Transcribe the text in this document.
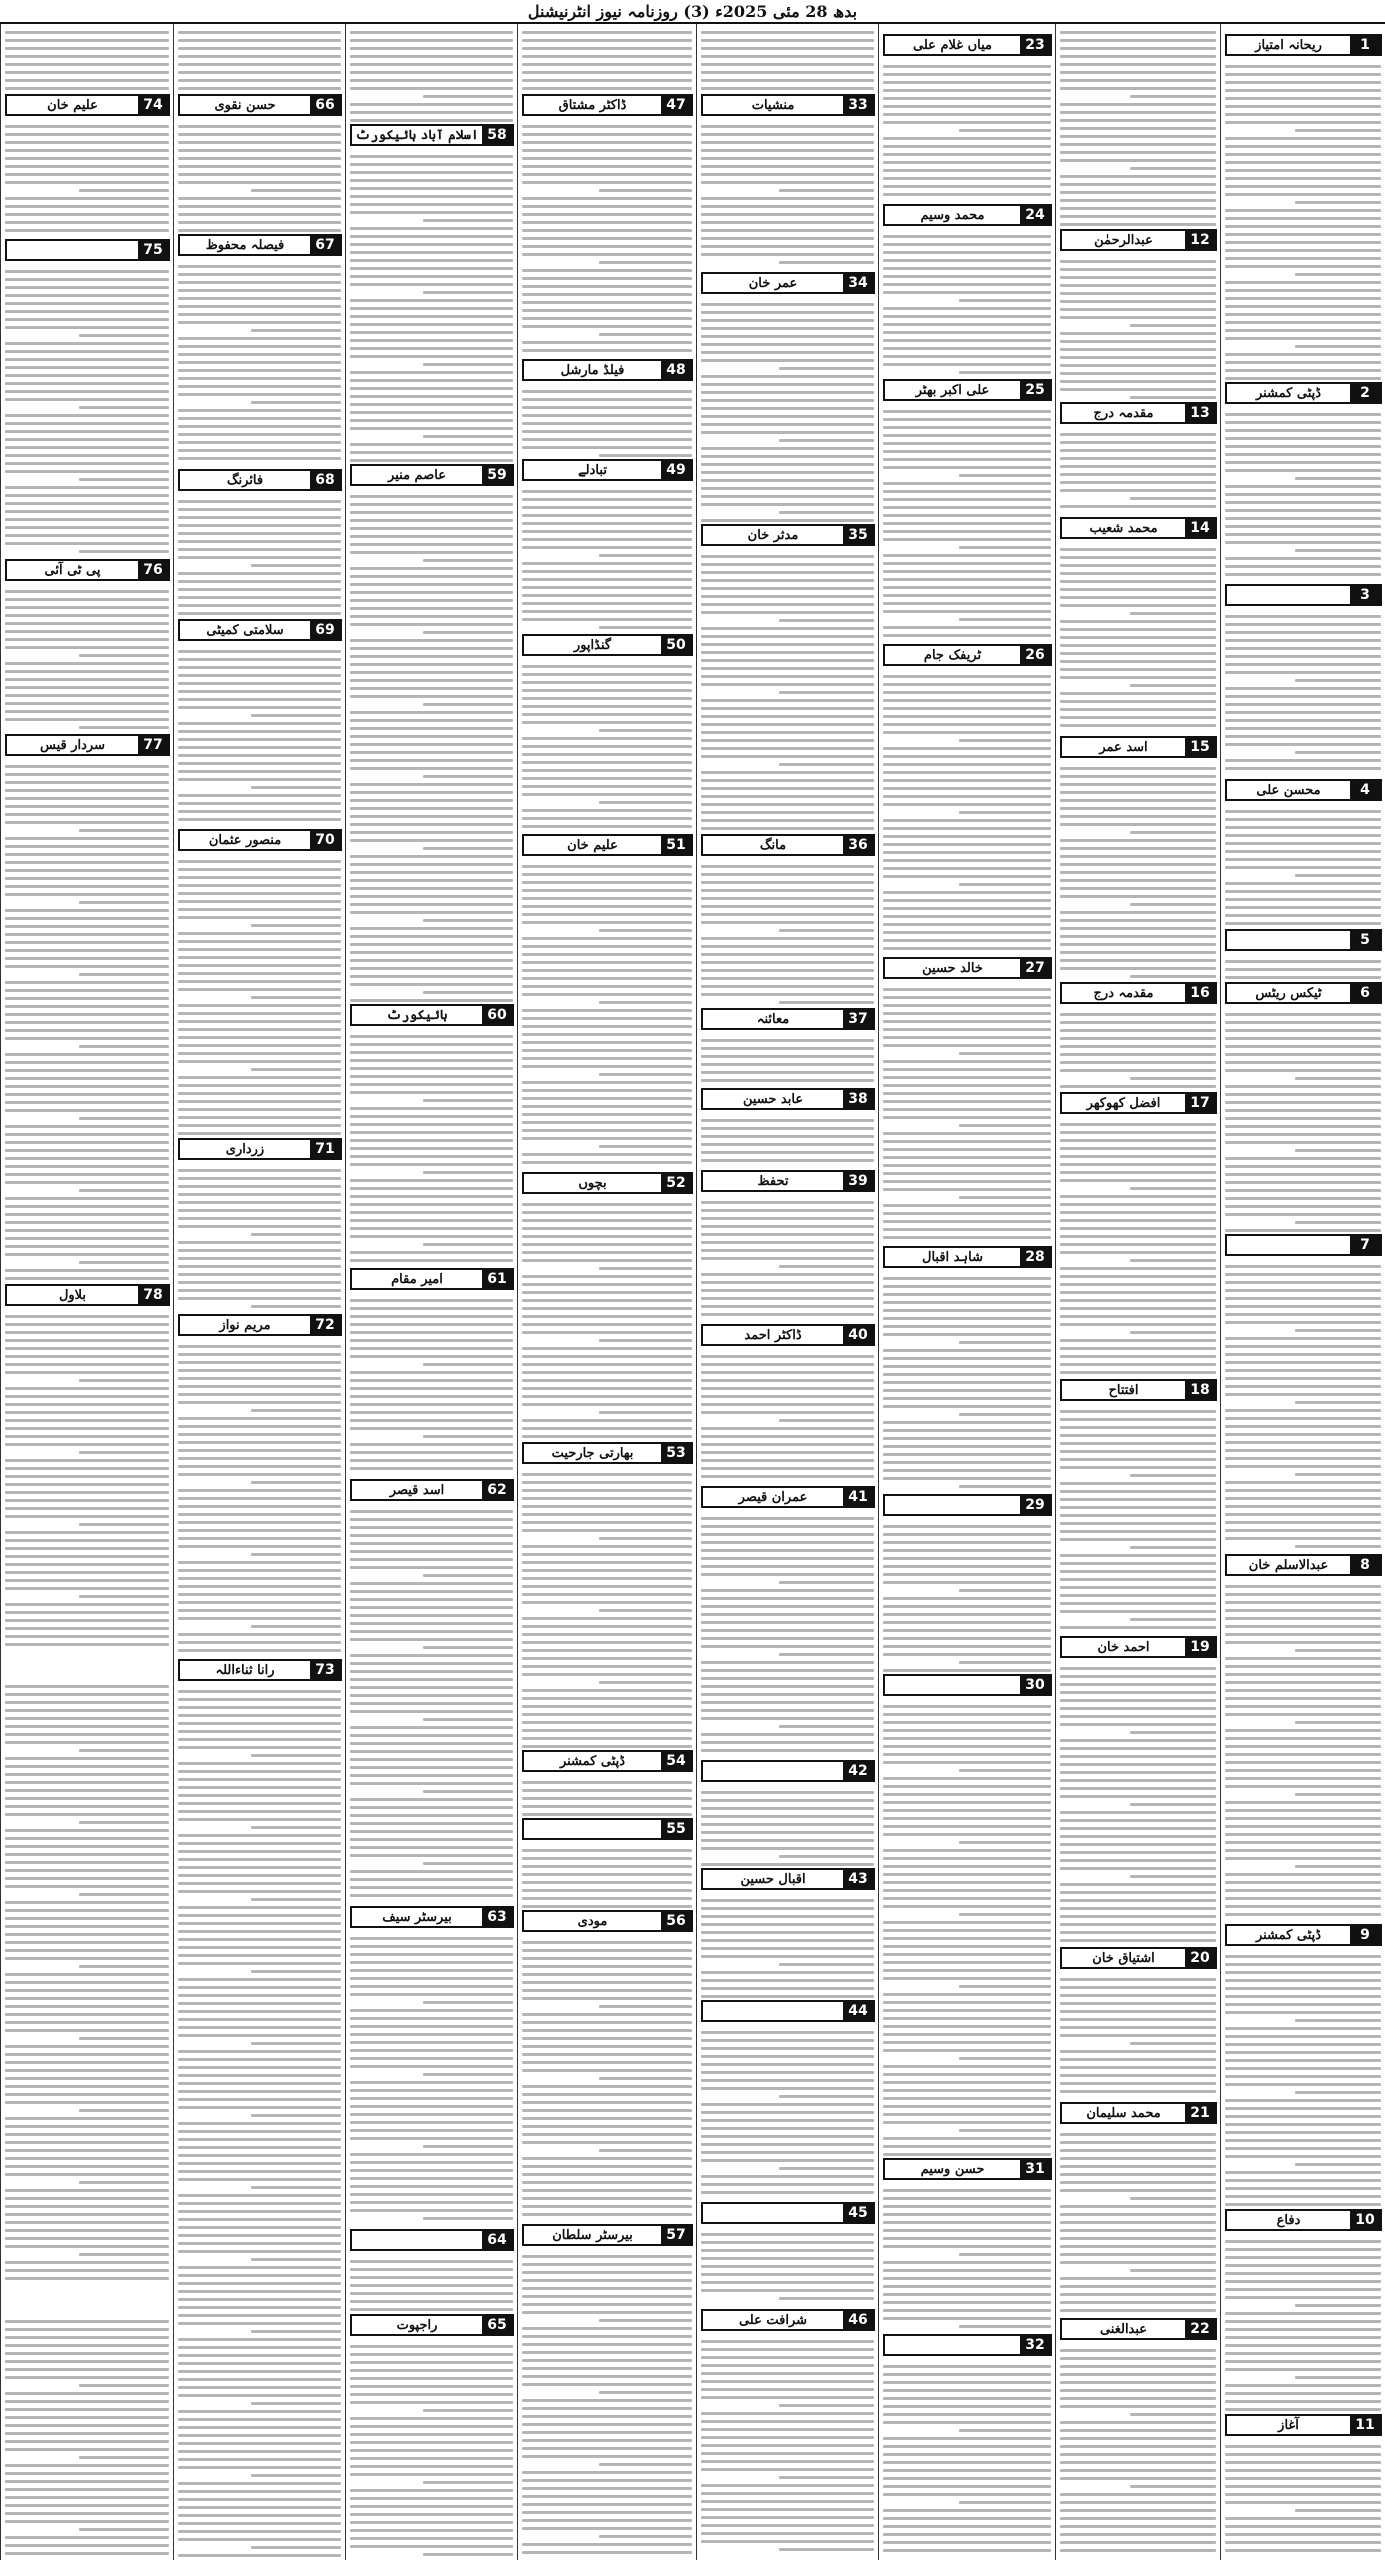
بدھ 28 مئی 2025ء (3) روزنامہ نیوز انٹرنیشنل
1
ریحانہ امتیاز
2
ڈپٹی کمشنر
3
4
محسن علی
5
6
ٹیکس ریٹس
7
8
عبدالاسلم خان
9
ڈپٹی کمشنر
10
دفاع
11
آغاز
12
عبدالرحمٰن
13
مقدمہ درج
14
محمد شعیب
15
اسد عمر
16
مقدمہ درج
17
افضل کھوکھر
18
افتتاح
19
احمد خان
20
اشتیاق خان
21
محمد سلیمان
22
عبدالغنی
23
میاں غلام علی
24
محمد وسیم
25
علی اکبر بھٹر
26
ٹریفک جام
27
خالد حسین
28
شاہد اقبال
29
30
31
حسن وسیم
32
33
منشیات
34
عمر خان
35
مدثر خان
36
مانگ
37
معائنہ
38
عابد حسین
39
تحفظ
40
ڈاکٹر احمد
41
عمران قیصر
42
43
اقبال حسین
44
45
46
شرافت علی
47
ڈاکٹر مشتاق
48
فیلڈ مارشل
49
تبادلے
50
گنڈاپور
51
علیم خان
52
بچوں
53
بھارتی جارحیت
54
ڈپٹی کمشنر
55
56
مودی
57
بیرسٹر سلطان
58
اسلام آباد ہائیکورٹ
59
عاصم منیر
60
ہائیکورٹ
61
امیر مقام
62
اسد قیصر
63
بیرسٹر سیف
64
65
راجپوت
66
حسن نقوی
67
فیصلہ محفوظ
68
فائرنگ
69
سلامتی کمیٹی
70
منصور عثمان
71
زرداری
72
مریم نواز
73
رانا ثناءاللہ
74
علیم خان
75
76
پی ٹی آئی
77
سردار قیس
78
بلاول
